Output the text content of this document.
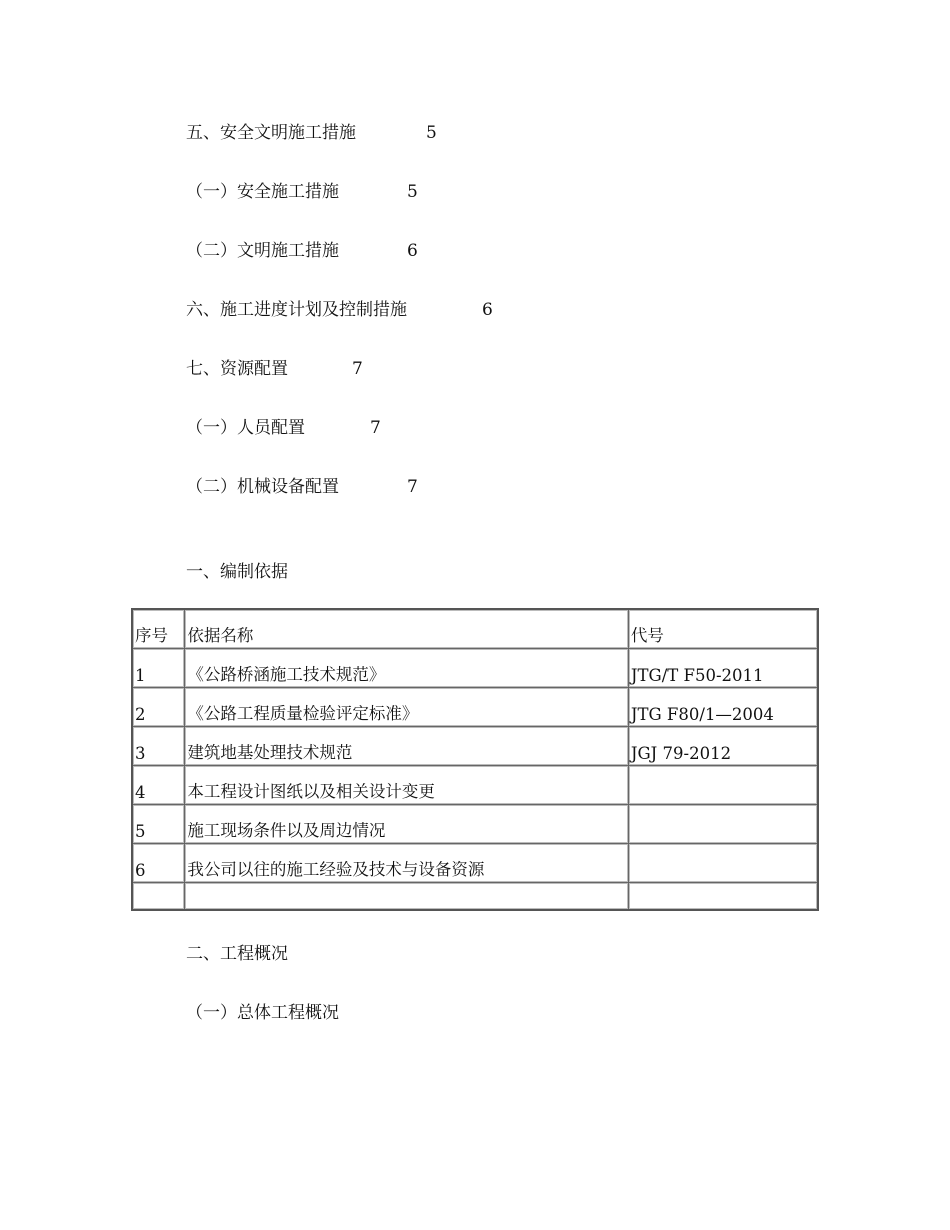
五、安全文明施工措施	5
（一）安全施工措施	5
（二）文明施工措施	6
六、施工进度计划及控制措施	6
七、资源配置	7
（一）人员配置	7
（二）机械设备配置	7
一、编制依据
序号	依据名称	代号
1	《公路桥涵施工技术规范》	JTG/T F50-2011
2	《公路工程质量检验评定标准》	JTG F80/1—2004
3	建筑地基处理技术规范	JGJ 79-2012
4	本工程设计图纸以及相关设计变更	
5	施工现场条件以及周边情况	
6	我公司以往的施工经验及技术与设备资源	

二、工程概况
（一）总体工程概况
